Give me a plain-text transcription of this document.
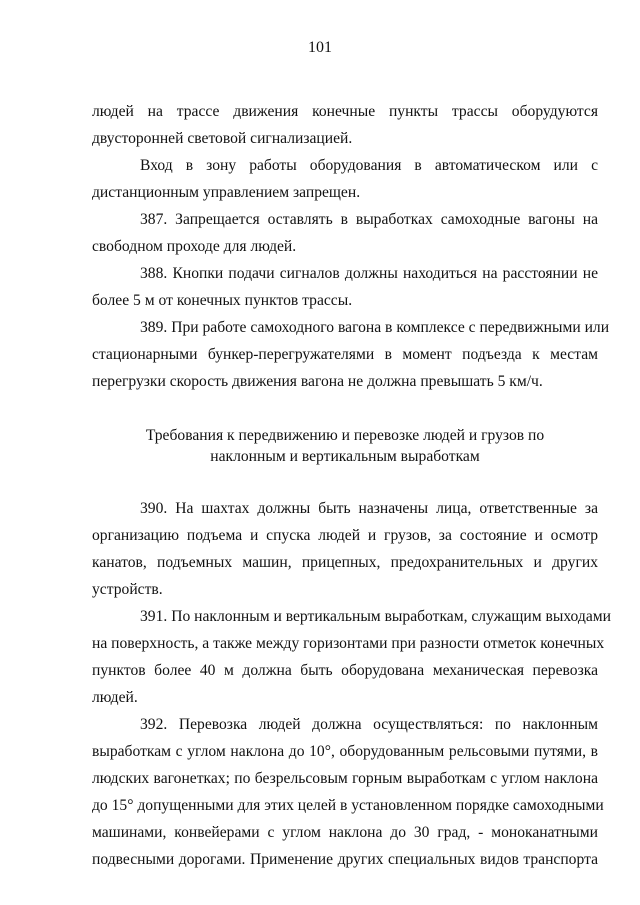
101
людей на трассе движения конечные пункты трассы оборудуются
двусторонней световой сигнализацией.
Вход в зону работы оборудования в автоматическом или с
дистанционным управлением запрещен.
387. Запрещается оставлять в выработках самоходные вагоны на
свободном проходе для людей.
388. Кнопки подачи сигналов должны находиться на расстоянии не
более 5 м от конечных пунктов трассы.
389. При работе самоходного вагона в комплексе с передвижными или
стационарными бункер-перегружателями в момент подъезда к местам
перегрузки скорость движения вагона не должна превышать 5 км/ч.
Требования к передвижению и перевозке людей и грузов по
наклонным и вертикальным выработкам
390. На шахтах должны быть назначены лица, ответственные за
организацию подъема и спуска людей и грузов, за состояние и осмотр
канатов, подъемных машин, прицепных, предохранительных и других
устройств.
391. По наклонным и вертикальным выработкам, служащим выходами
на поверхность, а также между горизонтами при разности отметок конечных
пунктов более 40 м должна быть оборудована механическая перевозка
людей.
392. Перевозка людей должна осуществляться: по наклонным
выработкам с углом наклона до 10°, оборудованным рельсовыми путями, в
людских вагонетках; по безрельсовым горным выработкам с углом наклона
до 15° допущенными для этих целей в установленном порядке самоходными
машинами, конвейерами с углом наклона до 30 град, - моноканатными
подвесными дорогами. Применение других специальных видов транспорта
